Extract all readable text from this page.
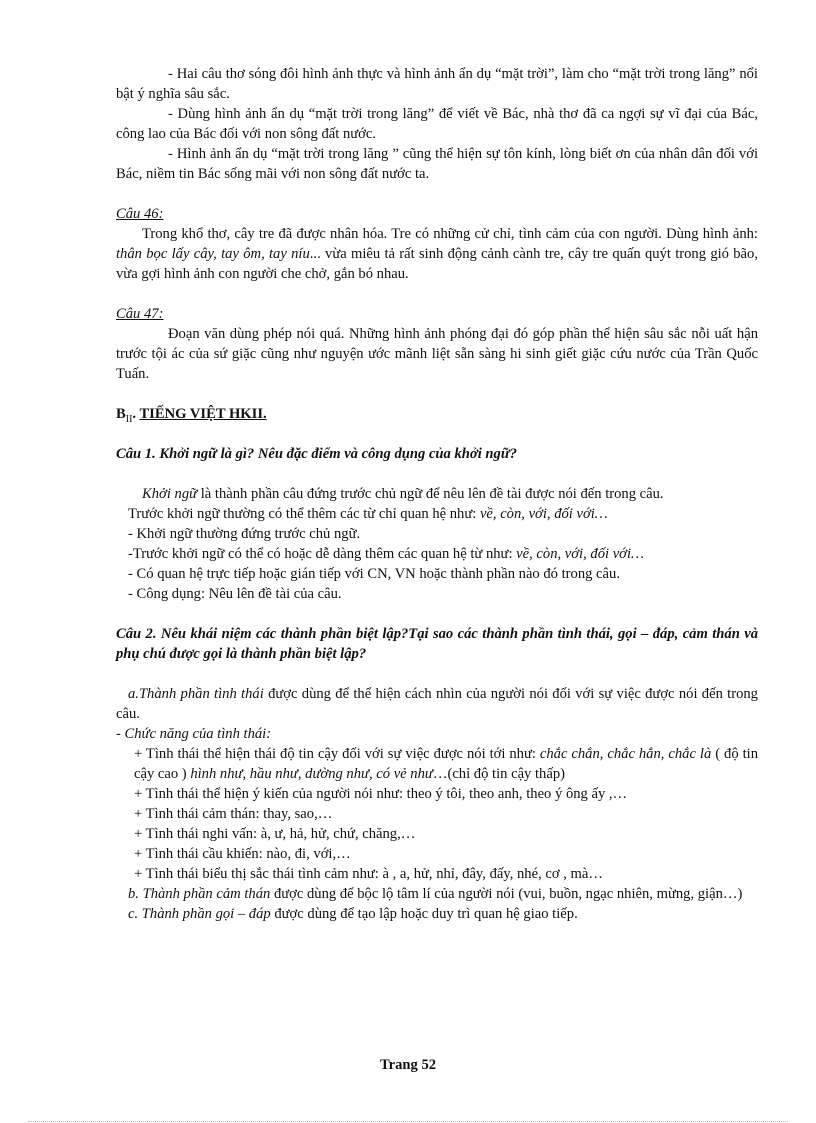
- Hai câu thơ sóng đôi hình ảnh thực và hình ảnh ẩn dụ “mặt trời”, làm cho “mặt trời trong lăng” nổi bật ý nghĩa sâu sắc.

- Dùng hình ảnh ẩn dụ “mặt trời trong lăng” để viết về Bác, nhà thơ đã ca ngợi sự vĩ đại của Bác, công lao của Bác đối với non sông đất nước.

- Hình ảnh ẩn dụ “mặt trời trong lăng ” cũng thể hiện sự tôn kính, lòng biết ơn của nhân dân đối với Bác, niềm tin Bác sống mãi với non sông đất nước ta.

Câu 46:

Trong khổ thơ, cây tre đã được nhân hóa. Tre có những cử chỉ, tình cảm của con người. Dùng hình ảnh: thân bọc lấy cây, tay ôm, tay níu... vừa miêu tả rất sinh động cảnh cành tre, cây tre quấn quýt trong gió bão, vừa gợi hình ảnh con người che chở, gắn bó nhau.

Câu 47:

Đoạn văn dùng phép nói quá. Những hình ảnh phóng đại đó góp phần thể hiện sâu sắc nỗi uất hận trước tội ác của sứ giặc cũng như nguyện ước mãnh liệt sẵn sàng hi sinh giết giặc cứu nước của Trần Quốc Tuấn.

$B_{II}$. TIẾNG VIỆT HKII.

Câu 1. Khởi ngữ là gì? Nêu đặc điểm và công dụng của khởi ngữ?

Khởi ngữ là thành phần câu đứng trước chủ ngữ để nêu lên đề tài được nói đến trong câu.

Trước khởi ngữ thường có thể thêm các từ chỉ quan hệ như: về, còn, với, đối với…

- Khởi ngữ thường đứng trước chủ ngữ.

-Trước khởi ngữ có thể có hoặc dễ dàng thêm các quan hệ từ như: về, còn, với, đối với…

- Có quan hệ trực tiếp hoặc gián tiếp với CN, VN hoặc thành phần nào đó trong câu.

- Công dụng: Nêu lên đề tài của câu.

Câu 2. Nêu khái niệm các thành phần biệt lập?Tại sao các thành phần tình thái, gọi – đáp, cảm thán và phụ chú được gọi là thành phần biệt lập?

a.Thành phần tình thái được dùng để thể hiện cách nhìn của người nói đối với sự việc được nói đến trong câu.

- Chức năng của tình thái:

+ Tình thái thể hiện thái độ tin cậy đối với sự việc được nói tới như: chắc chắn, chắc hẳn, chắc là ( độ tin cậy cao ) hình như, hầu như, dường như, có vẻ như…(chỉ độ tin cậy thấp)

+ Tình thái thể hiện ý kiến của người nói như: theo ý tôi, theo anh, theo ý ông ấy ,…

+ Tình thái cảm thán: thay, sao,…

+ Tình thái nghi vấn: à, ư, hả, hử, chứ, chăng,…

+ Tình thái cầu khiến: nào, đi, với,…

+ Tình thái biểu thị sắc thái tình cảm như: à , a, hử, nhỉ, đây, đấy, nhé, cơ , mà…

b. Thành phần cảm thán được dùng để bộc lộ tâm lí của người nói (vui, buồn, ngạc nhiên, mừng, giận…)

c. Thành phần gọi – đáp được dùng để tạo lập hoặc duy trì quan hệ giao tiếp.

Trang 52
